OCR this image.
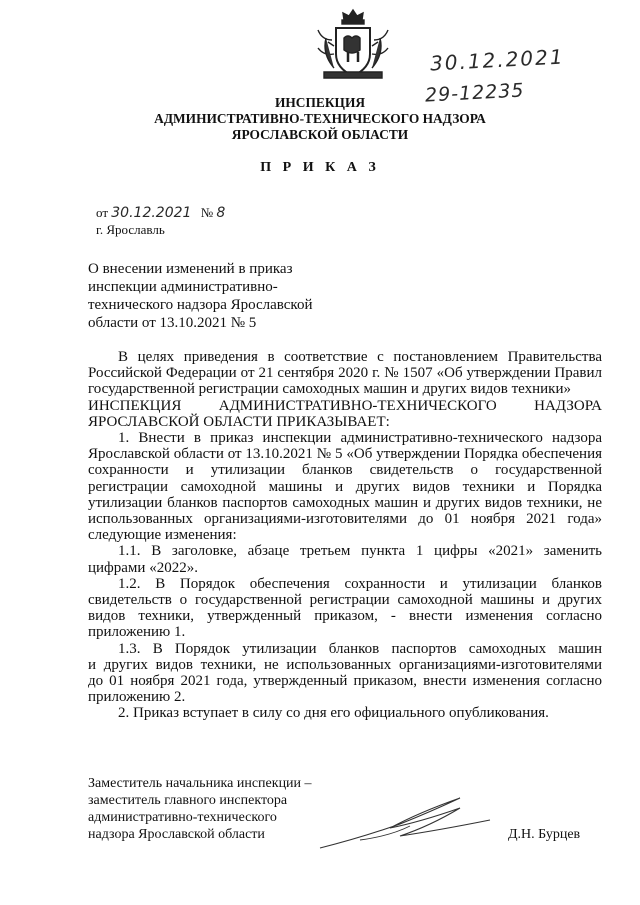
30.12.2021
29-12235
ИНСПЕКЦИЯ
АДМИНИСТРАТИВНО-ТЕХНИЧЕСКОГО НАДЗОРА
ЯРОСЛАВСКОЙ ОБЛАСТИ
П Р И К А З
от 30.12.2021 № 8
г. Ярославль
О внесении изменений в приказ
инспекции административно-
технического надзора Ярославской
области от 13.10.2021 № 5
В целях приведения в соответствие с постановлением Правительства
Российской Федерации от 21 сентября 2020 г. № 1507 «Об утверждении Правил
государственной регистрации самоходных машин и других видов техники»
ИНСПЕКЦИЯ АДМИНИСТРАТИВНО-ТЕХНИЧЕСКОГО НАДЗОРА
ЯРОСЛАВСКОЙ ОБЛАСТИ ПРИКАЗЫВАЕТ:
1. Внести в приказ инспекции административно-технического надзора
Ярославской области от 13.10.2021 № 5 «Об утверждении Порядка обеспечения
сохранности и утилизации бланков свидетельств о государственной
регистрации самоходной машины и других видов техники и Порядка
утилизации бланков паспортов самоходных машин и других видов техники, не
использованных организациями-изготовителями до 01 ноября 2021 года»
следующие изменения:
1.1. В заголовке, абзаце третьем пункта 1 цифры «2021» заменить
цифрами «2022».
1.2. В Порядок обеспечения сохранности и утилизации бланков
свидетельств о государственной регистрации самоходной машины и других
видов техники, утвержденный приказом, - внести изменения согласно
приложению 1.
1.3. В Порядок утилизации бланков паспортов самоходных машин
и других видов техники, не использованных организациями-изготовителями
до 01 ноября 2021 года, утвержденный приказом, внести изменения согласно
приложению 2.
2. Приказ вступает в силу со дня его официального опубликования.
Заместитель начальника инспекции –
заместитель главного инспектора
административно-технического
надзора Ярославской области	Д.Н. Бурцев
